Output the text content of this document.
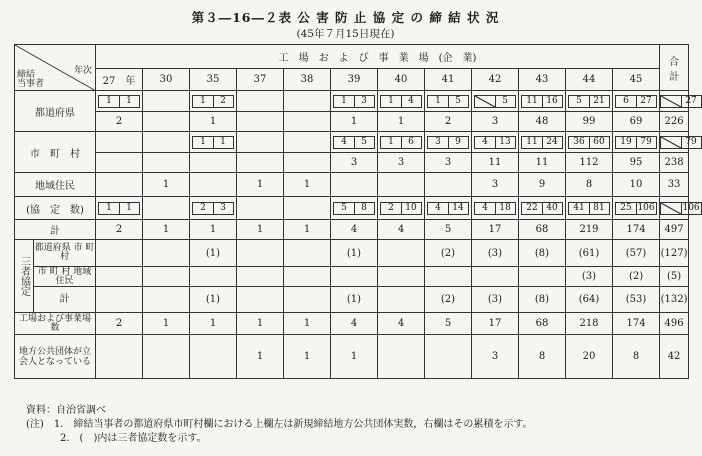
第３―16―２表 公 害 防 止 協 定 の 締 結 状 況
(45年７月15日現在)
年次
締結
当事者		工　場　お　よ　び　事　業　場　(企　業)												合　計
		27　年	30	35	37	38	39	40	41	42	43	44	45	
都道府県		1 1		1 2			1 3	1 4	1 5	5	11 16	5 21	6 27	27

		2		1			1	1	2	3	48	99	69	226
市　町　村				1 1			4 5	1 6	3 9	4 13	11 24	36 60	19 79	79

							3	3	3	11	11	112	95	238
地域住民			1		1	1				3	9	8	10	33
(協　定　数)		1 1		2 3			5 8	2 10	4 14	4 18	22 40	41 81	25 106	106

計		2	1	1	1	1	4	4	5	17	68	219	174	497
三者協定	都道府県 市 町 村			(1)			(1)		(2)	(3)	(8)	(61)	(57)	(127)
	市 町 村 地域住民											(3)	(2)	(5)
	計			(1)			(1)		(2)	(3)	(8)	(64)	(53)	(132)
工場および事業場数		2	1	1	1	1	4	4	5	17	68	218	174	496
地方公共団体が立会人となっている					1	1	1			3	8	20	8	42
資料：自治省調べ
(注)　 1.　締結当事者の都道府県市町村欄における上欄左は新規締結地方公共団体実数，右欄はその累積を示す。
2.　(　)内は三者協定数を示す。
